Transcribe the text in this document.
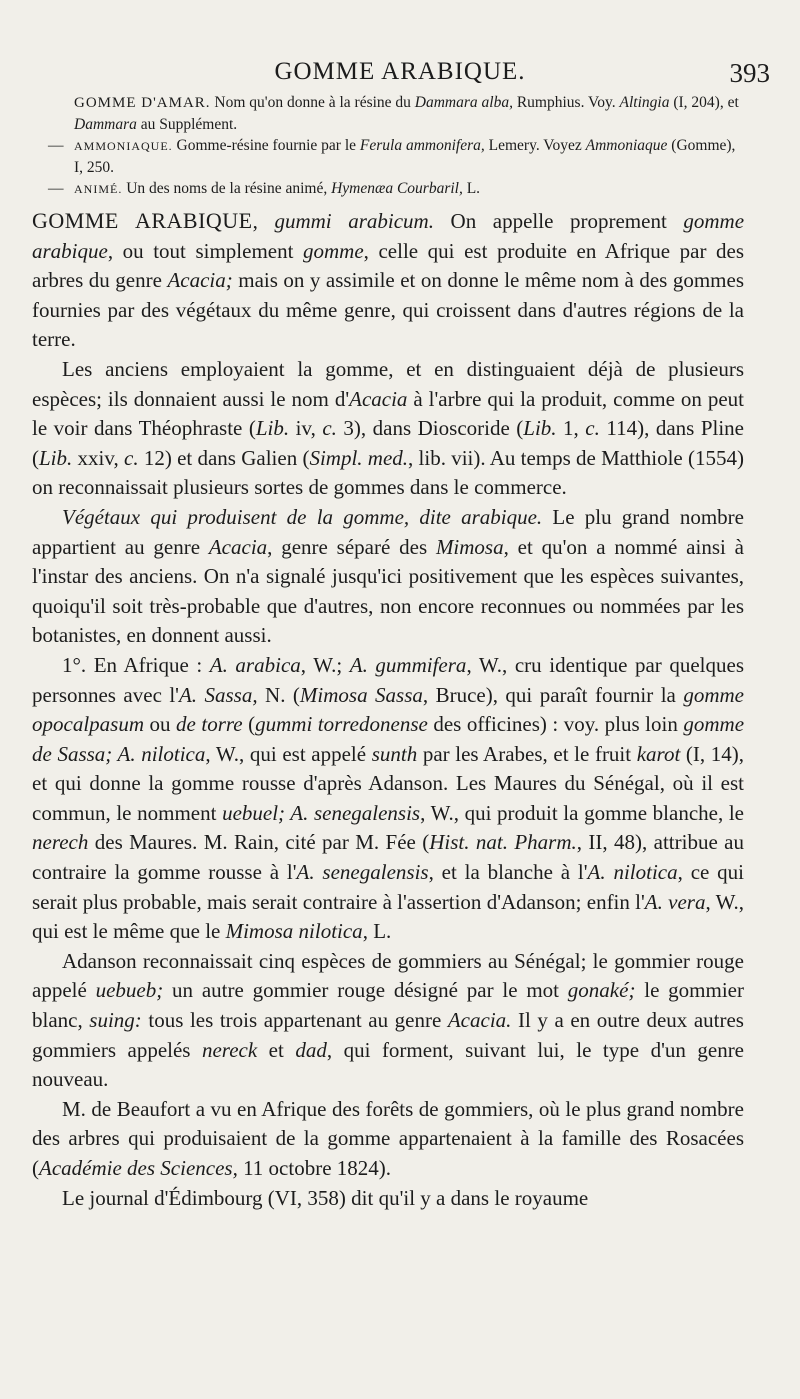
GOMME ARABIQUE.	393

GOMME D'AMAR. Nom qu'on donne à la résine du Dammara alba, Rumphius. Voy. Altingia (I, 204), et Dammara au Supplément.

— AMMONIAQUE. Gomme-résine fournie par le Ferula ammonifera, Lemery. Voyez Ammoniaque (Gomme), I, 250.

— ANIMÉ. Un des noms de la résine animé, Hymenæa Courbaril, L.

GOMME ARABIQUE, gummi arabicum. On appelle proprement gomme arabique, ou tout simplement gomme, celle qui est produite en Afrique par des arbres du genre Acacia; mais on y assimile et on donne le même nom à des gommes fournies par des végétaux du même genre, qui croissent dans d'autres régions de la terre.

Les anciens employaient la gomme, et en distinguaient déjà de plusieurs espèces; ils donnaient aussi le nom d'Acacia à l'arbre qui la produit, comme on peut le voir dans Théophraste (Lib. iv, c. 3), dans Dioscoride (Lib. 1, c. 114), dans Pline (Lib. xxiv, c. 12) et dans Galien (Simpl. med., lib. vii). Au temps de Matthiole (1554) on reconnaissait plusieurs sortes de gommes dans le commerce.

Végétaux qui produisent de la gomme, dite arabique. Le plu grand nombre appartient au genre Acacia, genre séparé des Mimosa, et qu'on a nommé ainsi à l'instar des anciens. On n'a signalé jusqu'ici positivement que les espèces suivantes, quoiqu'il soit très-probable que d'autres, non encore reconnues ou nommées par les botanistes, en donnent aussi.

1°. En Afrique : A. arabica, W.; A. gummifera, W., cru identique par quelques personnes avec l'A. Sassa, N. (Mimosa Sassa, Bruce), qui paraît fournir la gomme opocalpasum ou de torre (gummi torredonense des officines) : voy. plus loin gomme de Sassa; A. nilotica, W., qui est appelé sunth par les Arabes, et le fruit karot (I, 14), et qui donne la gomme rousse d'après Adanson. Les Maures du Sénégal, où il est commun, le nomment uebuel; A. senegalensis, W., qui produit la gomme blanche, le nerech des Maures. M. Rain, cité par M. Fée (Hist. nat. Pharm., II, 48), attribue au contraire la gomme rousse à l'A. senegalensis, et la blanche à l'A. nilotica, ce qui serait plus probable, mais serait contraire à l'assertion d'Adanson; enfin l'A. vera, W., qui est le même que le Mimosa nilotica, L.

Adanson reconnaissait cinq espèces de gommiers au Sénégal; le gommier rouge appelé uebueb; un autre gommier rouge désigné par le mot gonaké; le gommier blanc, suing: tous les trois appartenant au genre Acacia. Il y a en outre deux autres gommiers appelés nereck et dad, qui forment, suivant lui, le type d'un genre nouveau.

M. de Beaufort a vu en Afrique des forêts de gommiers, où le plus grand nombre des arbres qui produisaient de la gomme appartenaient à la famille des Rosacées (Académie des Sciences, 11 octobre 1824).

Le journal d'Édimbourg (VI, 358) dit qu'il y a dans le royaume
